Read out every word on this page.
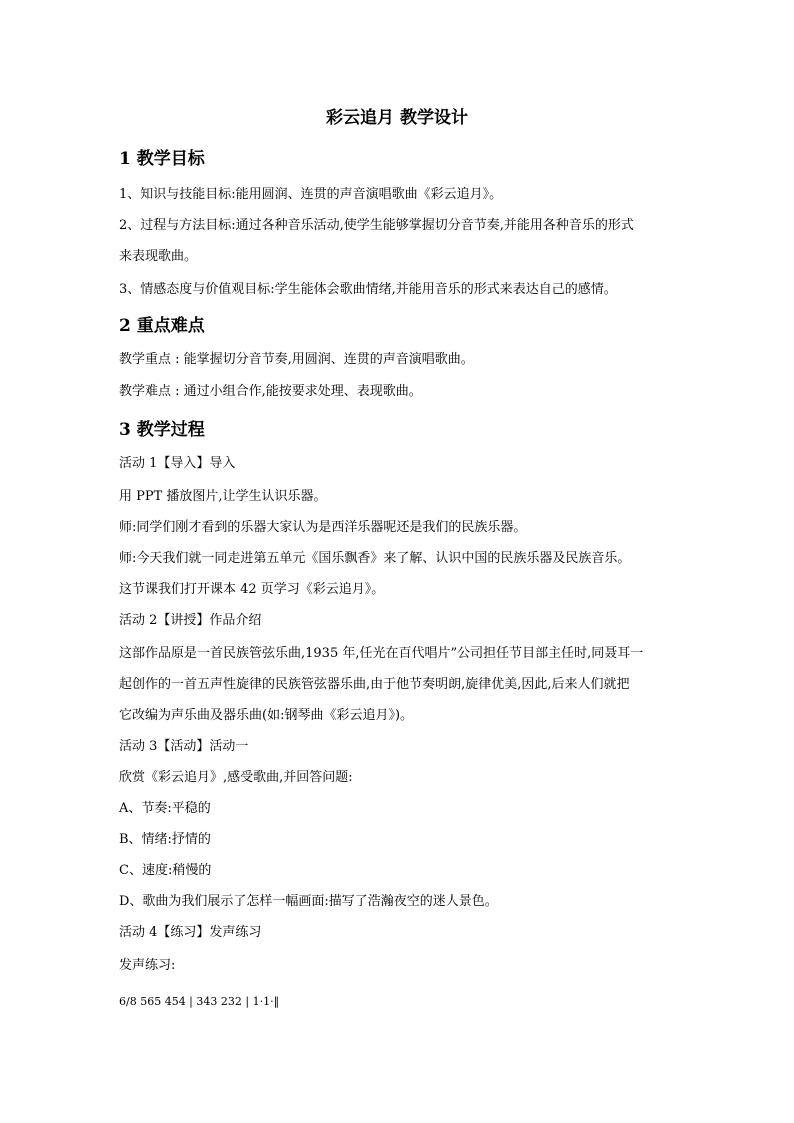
彩云追月 教学设计
1 教学目标
1、知识与技能目标:能用圆润、连贯的声音演唱歌曲《彩云追月》。
2、过程与方法目标:通过各种音乐活动,使学生能够掌握切分音节奏,并能用各种音乐的形式
来表现歌曲。
3、情感态度与价值观目标:学生能体会歌曲情绪,并能用音乐的形式来表达自己的感情。
2 重点难点
教学重点 : 能掌握切分音节奏,用圆润、连贯的声音演唱歌曲。
教学难点 : 通过小组合作,能按要求处理、表现歌曲。
3 教学过程
活动 1【导入】导入
用 PPT 播放图片,让学生认识乐器。
师:同学们刚才看到的乐器大家认为是西洋乐器呢还是我们的民族乐器。
师:今天我们就一同走进第五单元《国乐飘香》来了解、认识中国的民族乐器及民族音乐。
这节课我们打开课本 42 页学习《彩云追月》。
活动 2【讲授】作品介绍
这部作品原是一首民族管弦乐曲,1935 年,任光在百代唱片”公司担任节目部主任时,同聂耳一
起创作的一首五声性旋律的民族管弦器乐曲,由于他节奏明朗,旋律优美,因此,后来人们就把
它改编为声乐曲及器乐曲(如:钢琴曲《彩云追月》)。
活动 3【活动】活动一
欣赏《彩云追月》,感受歌曲,并回答问题:
A、节奏:平稳的
B、情绪:抒情的
C、速度:稍慢的
D、歌曲为我们展示了怎样一幅画面:描写了浩瀚夜空的迷人景色。
活动 4【练习】发声练习
发声练习:
6/8 565 454 | 343 232 | 1·1·‖
